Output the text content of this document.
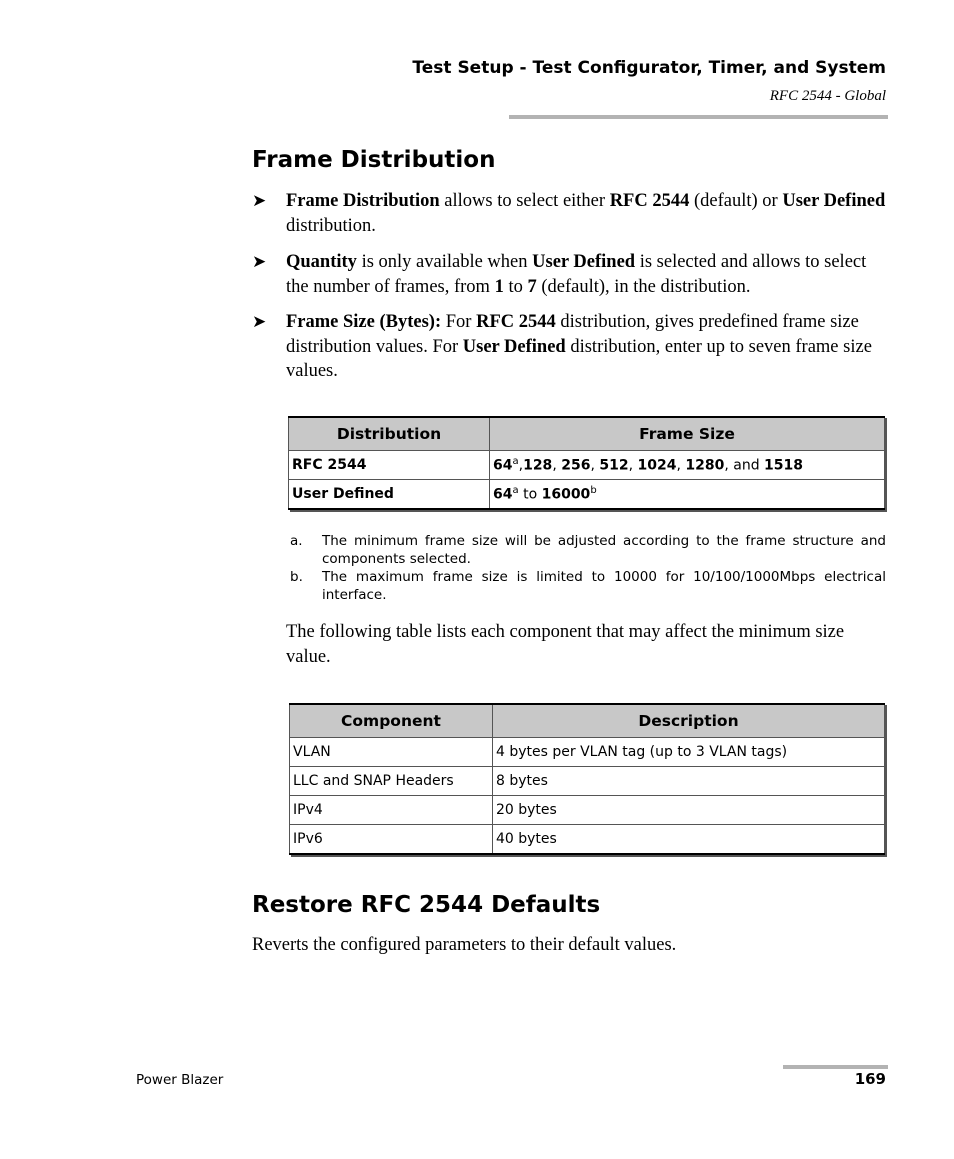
Test Setup - Test Configurator, Timer, and System
RFC 2544 - Global
Frame Distribution
➤ Frame Distribution allows to select either RFC 2544 (default) or User Defined distribution.
➤ Quantity is only available when User Defined is selected and allows to select the number of frames, from 1 to 7 (default), in the distribution.
➤ Frame Size (Bytes): For RFC 2544 distribution, gives predefined frame size distribution values. For User Defined distribution, enter up to seven frame size values.
Distribution	Frame Size
RFC 2544	64$^a$,128, 256, 512, 1024, 1280, and 1518
User Defined	64$^a$ to 16000$^b$
a. The minimum frame size will be adjusted according to the frame structure and components selected.
b. The maximum frame size is limited to 10000 for 10/100/1000Mbps electrical interface.
The following table lists each component that may affect the minimum size value.
Component	Description
VLAN	4 bytes per VLAN tag (up to 3 VLAN tags)
LLC and SNAP Headers	8 bytes
IPv4	20 bytes
IPv6	40 bytes
Restore RFC 2544 Defaults
Reverts the configured parameters to their default values.
Power Blazer	169
